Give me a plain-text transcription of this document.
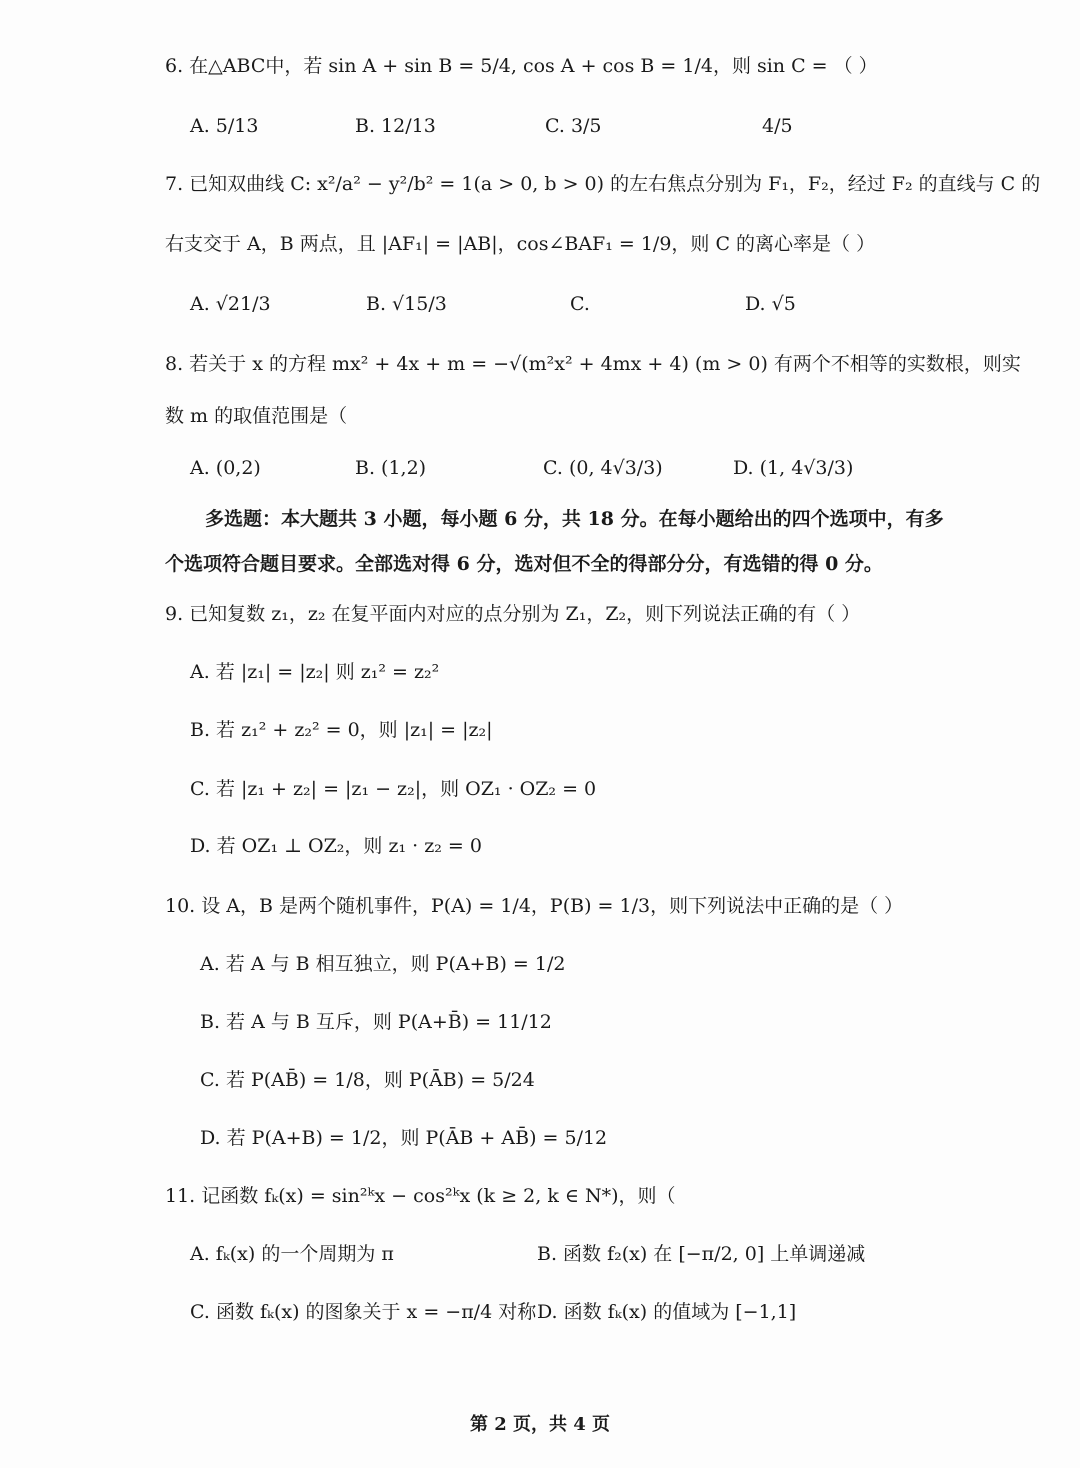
6. 在△ABC中，若 sin A + sin B = 5/4, cos A + cos B = 1/4，则 sin C = （ ）
A. 5/13	B. 12/13	C. 3/5	4/5
7. 已知双曲线 C: x²/a² − y²/b² = 1(a > 0, b > 0) 的左右焦点分别为 F₁，F₂，经过 F₂ 的直线与 C 的
右支交于 A，B 两点，且 |AF₁| = |AB|，cos∠BAF₁ = 1/9，则 C 的离心率是（ ）
A. √21/3	B. √15/3	C.	D. √5
8. 若关于 x 的方程 mx² + 4x + m = −√(m²x² + 4mx + 4) (m > 0) 有两个不相等的实数根，则实
数 m 的取值范围是（
A. (0,2)	B. (1,2)	C. (0, 4√3/3)	D. (1, 4√3/3)
多选题：本大题共 3 小题，每小题 6 分，共 18 分。在每小题给出的四个选项中，有多
个选项符合题目要求。全部选对得 6 分，选对但不全的得部分分，有选错的得 0 分。
9. 已知复数 z₁，z₂ 在复平面内对应的点分别为 Z₁，Z₂，则下列说法正确的有（ ）
A. 若 |z₁| = |z₂| 则 z₁² = z₂²
B. 若 z₁² + z₂² = 0，则 |z₁| = |z₂|
C. 若 |z₁ + z₂| = |z₁ − z₂|，则 OZ₁ · OZ₂ = 0
D. 若 OZ₁ ⊥ OZ₂，则 z₁ · z₂ = 0
10. 设 A，B 是两个随机事件，P(A) = 1/4，P(B) = 1/3，则下列说法中正确的是（ ）
A. 若 A 与 B 相互独立，则 P(A+B) = 1/2
B. 若 A 与 B 互斥，则 P(A+B̄) = 11/12
C. 若 P(AB̄) = 1/8，则 P(ĀB) = 5/24
D. 若 P(A+B) = 1/2，则 P(ĀB + AB̄) = 5/12
11. 记函数 fₖ(x) = sin²ᵏx − cos²ᵏx (k ≥ 2, k ∈ N*)，则（
A. fₖ(x) 的一个周期为 π	B. 函数 f₂(x) 在 [−π/2, 0] 上单调递减
C. 函数 fₖ(x) 的图象关于 x = −π/4 对称 D. 函数 fₖ(x) 的值域为 [−1,1]
第 2 页，共 4 页
